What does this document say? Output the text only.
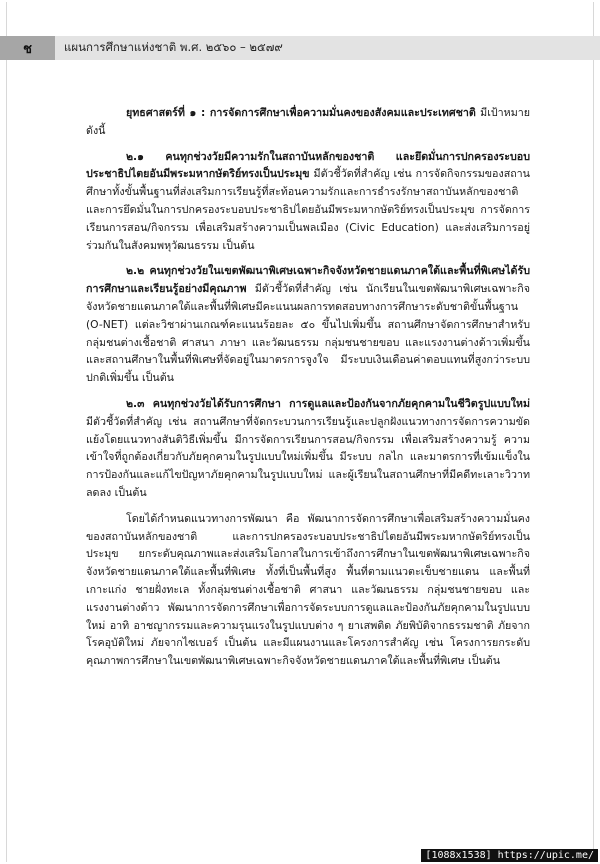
ช	แผนการศึกษาแห่งชาติ พ.ศ. ๒๕๖๐ – ๒๕๗๙

ยุทธศาสตร์ที่ ๑ : การจัดการศึกษาเพื่อความมั่นคงของสังคมและประเทศชาติ มีเป้าหมายดังนี้

๒.๑ คนทุกช่วงวัยมีความรักในสถาบันหลักของชาติ และยึดมั่นการปกครองระบอบประชาธิปไตยอันมีพระมหากษัตริย์ทรงเป็นประมุข มีตัวชี้วัดที่สำคัญ เช่น การจัดกิจกรรมของสถานศึกษาทั้งขั้นพื้นฐานที่ส่งเสริมการเรียนรู้ที่สะท้อนความรักและการธำรงรักษาสถาบันหลักของชาติ และการยึดมั่นในการปกครองระบอบประชาธิปไตยอันมีพระมหากษัตริย์ทรงเป็นประมุข การจัดการเรียนการสอน/กิจกรรม เพื่อเสริมสร้างความเป็นพลเมือง (Civic Education) และส่งเสริมการอยู่ร่วมกันในสังคมพหุวัฒนธรรม เป็นต้น

๒.๒ คนทุกช่วงวัยในเขตพัฒนาพิเศษเฉพาะกิจจังหวัดชายแดนภาคใต้และพื้นที่พิเศษได้รับการศึกษาและเรียนรู้อย่างมีคุณภาพ มีตัวชี้วัดที่สำคัญ เช่น นักเรียนในเขตพัฒนาพิเศษเฉพาะกิจจังหวัดชายแดนภาคใต้และพื้นที่พิเศษมีคะแนนผลการทดสอบทางการศึกษาระดับชาติขั้นพื้นฐาน (O-NET) แต่ละวิชาผ่านเกณฑ์คะแนนร้อยละ ๕๐ ขึ้นไปเพิ่มขึ้น สถานศึกษาจัดการศึกษาสำหรับกลุ่มชนต่างเชื้อชาติ ศาสนา ภาษา และวัฒนธรรม กลุ่มชนชายขอบ และแรงงานต่างด้าวเพิ่มขึ้น และสถานศึกษาในพื้นที่พิเศษที่จัดอยู่ในมาตรการจูงใจ มีระบบเงินเดือนค่าตอบแทนที่สูงกว่าระบบปกติเพิ่มขึ้น เป็นต้น

๒.๓ คนทุกช่วงวัยได้รับการศึกษา การดูแลและป้องกันจากภัยคุกคามในชีวิตรูปแบบใหม่ มีตัวชี้วัดที่สำคัญ เช่น สถานศึกษาที่จัดกระบวนการเรียนรู้และปลูกฝังแนวทางการจัดการความขัดแย้งโดยแนวทางสันติวิธีเพิ่มขึ้น มีการจัดการเรียนการสอน/กิจกรรม เพื่อเสริมสร้างความรู้ ความเข้าใจที่ถูกต้องเกี่ยวกับภัยคุกคามในรูปแบบใหม่เพิ่มขึ้น มีระบบ กลไก และมาตรการที่เข้มแข็งในการป้องกันและแก้ไขปัญหาภัยคุกคามในรูปแบบใหม่ และผู้เรียนในสถานศึกษาที่มีคดีทะเลาะวิวาทลดลง เป็นต้น

โดยได้กำหนดแนวทางการพัฒนา คือ พัฒนาการจัดการศึกษาเพื่อเสริมสร้างความมั่นคงของสถาบันหลักของชาติ และการปกครองระบอบประชาธิปไตยอันมีพระมหากษัตริย์ทรงเป็นประมุข ยกระดับคุณภาพและส่งเสริมโอกาสในการเข้าถึงการศึกษาในเขตพัฒนาพิเศษเฉพาะกิจจังหวัดชายแดนภาคใต้และพื้นที่พิเศษ ทั้งที่เป็นพื้นที่สูง พื้นที่ตามแนวตะเข็บชายแดน และพื้นที่เกาะแก่ง ชายฝั่งทะเล ทั้งกลุ่มชนต่างเชื้อชาติ ศาสนา และวัฒนธรรม กลุ่มชนชายขอบ และแรงงานต่างด้าว พัฒนาการจัดการศึกษาเพื่อการจัดระบบการดูแลและป้องกันภัยคุกคามในรูปแบบใหม่ อาทิ อาชญากรรมและความรุนแรงในรูปแบบต่าง ๆ ยาเสพติด ภัยพิบัติจากธรรมชาติ ภัยจากโรคอุบัติใหม่ ภัยจากไซเบอร์ เป็นต้น และมีแผนงานและโครงการสำคัญ เช่น โครงการยกระดับคุณภาพการศึกษาในเขตพัฒนาพิเศษเฉพาะกิจจังหวัดชายแดนภาคใต้และพื้นที่พิเศษ เป็นต้น

[1088x1538] https://upic.me/
